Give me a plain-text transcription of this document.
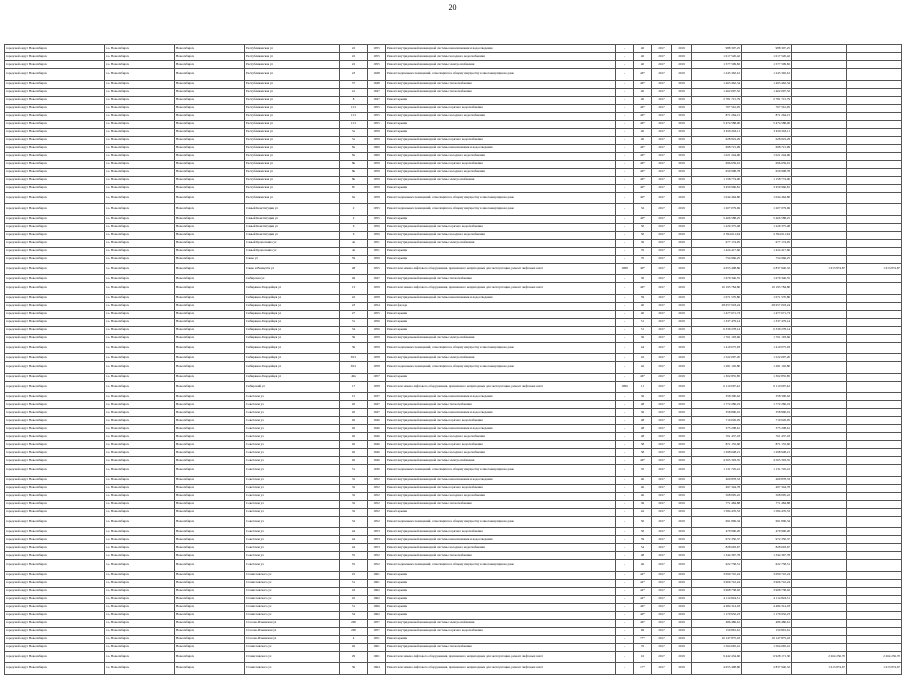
20
городской округ Новосибирск	г.о. Новосибирск	Новосибирск	Республиканская ул	22	1955	Ремонт внутридомовой инженерной системы канализования и водоотведения	-	40	2017	2019	988 307,25	988 307,25		
городской округ Новосибирск	г.о. Новосибирск	Новосибирск	Республиканская ул	22	1955	Ремонт внутридомовой инженерной системы холодного водоснабжения	-	40	2017	2019	1 017 520,42	1 017 520,42		
городской округ Новосибирск	г.о. Новосибирск	Новосибирск	Республиканская ул	22	1955	Ремонт внутридомовой инженерной системы электроснабжения	-	40	2017	2019	1 577 599,82	1 577 599,82		
городской округ Новосибирск	г.о. Новосибирск	Новосибирск	Республиканская ул	23	1948	Ремонт подвальных помещений, относящихся к общему имуществу в многоквартирном доме	-	46*	2017	2019	1 245 392,61	1 245 392,61		
городской округ Новосибирск	г.о. Новосибирск	Новосибирск	Республиканская ул	37	1948	Ремонт внутридомовой инженерной системы теплоснабжения	-	46*	2017	2019	1 463 462,34	1 463 462,34		
городской округ Новосибирск	г.о. Новосибирск	Новосибирск	Республиканская ул	41	1947	Ремонт внутридомовой инженерной системы теплоснабжения	-	40	2017	2019	1 462 097,52	1 462 097,52		
городской округ Новосибирск	г.о. Новосибирск	Новосибирск	Республиканская ул	8	1947	Ремонт крыши	-	40	2017	2019	2 781 715,79	2 781 715,79		
городской округ Новосибирск	г.о. Новосибирск	Новосибирск	Республиканская ул	11/1	1955	Ремонт внутридомовой инженерной системы горячего водоснабжения	-	46*	2017	2019	707 561,95	707 561,95		
городской округ Новосибирск	г.о. Новосибирск	Новосибирск	Республиканская ул	11/1	1955	Ремонт внутридомовой инженерной системы холодного водоснабжения	-	46*	2017	2019	871 264,15	871 264,15		
городской округ Новосибирск	г.о. Новосибирск	Новосибирск	Республиканская ул	11/1	1955	Ремонт крыши	-	46*	2017	2019	5 474 588,00	5 474 588,00		
городской округ Новосибирск	г.о. Новосибирск	Новосибирск	Республиканская ул	5а	1959	Ремонт крыши	-	40	2017	2019	3 459 263,11	3 459 263,11		
городской округ Новосибирск	г.о. Новосибирск	Новосибирск	Республиканская ул	5а	1959	Ремонт внутридомовой инженерной системы горячего водоснабжения	-	40	2017	2019	628 919,29	628 919,29		
городской округ Новосибирск	г.о. Новосибирск	Новосибирск	Республиканская ул	8а	1960	Ремонт внутридомовой инженерной системы канализования и водоотведения	-	46*	2017	2019	698 721,99	698 721,99		
городской округ Новосибирск	г.о. Новосибирск	Новосибирск	Республиканская ул	8а	1960	Ремонт внутридомовой инженерной системы холодного водоснабжения	-	46*	2017	2019	1 021 244,96	1 021 244,96		
городской округ Новосибирск	г.о. Новосибирск	Новосибирск	Республиканская ул	8в	1959	Ремонт внутридомовой инженерной системы горячего водоснабжения	-	46*	2017	2019	696 659,91	696 659,91		
городской округ Новосибирск	г.о. Новосибирск	Новосибирск	Республиканская ул	8в	1959	Ремонт внутридомовой инженерной системы холодного водоснабжения	-	46*	2017	2019	659 998,78	659 998,78		
городской округ Новосибирск	г.о. Новосибирск	Новосибирск	Республиканская ул	8в	1959	Ремонт внутридомовой инженерной системы электроснабжения	-	46*	2017	2019	1 158 774,00	1 158 774,00		
городской округ Новосибирск	г.о. Новосибирск	Новосибирск	Республиканская ул	8г	1959	Ремонт крыши	-	40*	2017	2019	3 459 966,81	3 459 966,81		
городской округ Новосибирск	г.о. Новосибирск	Новосибирск	Республиканская ул	9а	1959	Ремонт подвальных помещений, относящихся к общему имуществу в многоквартирном доме	-	40*	2017	2019	1 044 464,80	1 044 464,80		
городской округ Новосибирск	г.о. Новосибирск	Новосибирск	Самый Конституции ул	2	1955	Ремонт подвальных помещений, относящихся к общему имуществу в многоквартирном доме	-	32	2017	2019	1 207 079,69	1 207 079,69		
городской округ Новосибирск	г.о. Новосибирск	Новосибирск	Самый Конституции ул	2	1955	Ремонт крыши	-	40*	2017	2019	5 406 588,25	5 406 588,25		
городской округ Новосибирск	г.о. Новосибирск	Новосибирск	Самый Конституции ул	6	1956	Ремонт внутридомовой инженерной системы горячего водоснабжения	-	50	2017	2019	1 229 375,48	1 229 375,48		
городской округ Новосибирск	г.о. Новосибирск	Новосибирск	Самый Конституции ул	6	1956	Ремонт внутридомовой инженерной системы холодного водоснабжения	-	50	2017	2019	2 394 611,94	2 394 611,94		
городской округ Новосибирск	г.о. Новосибирск	Новосибирск	Самый Кропоткина ул	4а	1951	Ремонт внутридомовой инженерной системы электроснабжения	-	36	2017	2019	677 174,95	677 174,95		
городской округ Новосибирск	г.о. Новосибирск	Новосибирск	Самый Кропоткина ул	4а	1951	Ремонт крыши	-	76	2017	2019	1 424 417,66	1 424 417,66		
городской округ Новосибирск	г.о. Новосибирск	Новосибирск	Сакко ул	59	1959	Ремонт крыши	-	70	2017	2019	754 966,25	754 966,25		
городской округ Новосибирск	г.о. Новосибирск	Новосибирск	Сакко и Ванцетти ул	48	1955	Ремонт или замена лифтового оборудования, признанного непригодным для эксплуатации, ремонт лифтовых шахт	1998	40*	2017	2019	4 655 498,86	2 837 940,32	1 913 874,87	1 913 874,87
городской округ Новосибирск	г.о. Новосибирск	Новосибирск	Сибирская ул	49	1947	Ремонт внутридомовой инженерной системы теплоснабжения	-	30	2017	2019	1 679 346,55	1 679 346,55		
городской округ Новосибирск	г.о. Новосибирск	Новосибирск	Сибиряков-Гвардейцев ул	13	1959	Ремонт или замена лифтового оборудования, признанного непригодным для эксплуатации, ремонт лифтовых шахт	-	46*	2017	2019	10 195 784,80	10 195 784,80		
городской округ Новосибирск	г.о. Новосибирск	Новосибирск	Сибиряков-Гвардейцев ул	22	1958	Ремонт внутридомовой инженерной системы канализования и водоотведения	-	59	2017	2019	1 071 570,80	1 071 570,80		
городской округ Новосибирск	г.о. Новосибирск	Новосибирск	Сибиряков-Гвардейцев ул	23	1954	Ремонт фасада	-	40	2017	2019	28 657 018,24	28 657 018,24		
городской округ Новосибирск	г.о. Новосибирск	Новосибирск	Сибиряков-Гвардейцев ул	27	1955	Ремонт крыши	-	40	2017	2019	1 477 671,73	1 477 671,73		
городской округ Новосибирск	г.о. Новосибирск	Новосибирск	Сибиряков-Гвардейцев ул	31	1956	Ремонт крыши	-	51	2017	2019	1 337 479,14	1 337 479,14		
городской округ Новосибирск	г.о. Новосибирск	Новосибирск	Сибиряков-Гвардейцев ул	34	1956	Ремонт крыши	-	51	2017	2019	6 339 278,14	6 339 278,14		
городской округ Новосибирск	г.о. Новосибирск	Новосибирск	Сибиряков-Гвардейцев ул	36	1959	Ремонт внутридомовой инженерной системы электроснабжения	-	36	2017	2019	1 761 193,66	1 761 193,66		
городской округ Новосибирск	г.о. Новосибирск	Новосибирск	Сибиряков-Гвардейцев ул	36	1959	Ремонт подвальных помещений, относящихся к общему имуществу в многоквартирном доме	-	44	2017	2019	1 419 075,93	1 419 075,93		
городской округ Новосибирск	г.о. Новосибирск	Новосибирск	Сибиряков-Гвардейцев ул	39/1	1958	Ремонт внутридомовой инженерной системы электроснабжения	-	42	2017	2019	1 522 097,20	1 522 097,20		
городской округ Новосибирск	г.о. Новосибирск	Новосибирск	Сибиряков-Гвардейцев ул	39/1	1958	Ремонт подвальных помещений, относящихся к общему имуществу в многоквартирном доме	-	42	2017	2019	1 281 102,80	1 281 102,80		
городской округ Новосибирск	г.о. Новосибирск	Новосибирск	Сибиряков-Гвардейцев ул	49а	1957	Ремонт крыши	-	46*	2017	2019	1 302 855,85	1 302 855,85		
городской округ Новосибирск	г.о. Новосибирск	Новосибирск	Сибирский ул	17	1958	Ремонт или замена лифтового оборудования, признанного непригодным для эксплуатации, ремонт лифтовых шахт	1990	11	2017	2019	6 110 097,42	6 110 097,42		
городской округ Новосибирск	г.о. Новосибирск	Новосибирск	Советская ул	15	1937	Ремонт внутридомовой инженерной системы канализования и водоотведения	-	36	2017	2019	358 300,62	358 300,62		
городской округ Новосибирск	г.о. Новосибирск	Новосибирск	Советская ул	20	1947	Ремонт внутридомовой инженерной системы теплоснабжения	-	48	2017	2019	1 772 286,19	1 772 286,19		
городской округ Новосибирск	г.о. Новосибирск	Новосибирск	Советская ул	20	1947	Ремонт внутридомовой инженерной системы канализования и водоотведения	-	36	2017	2019	358 896,01	358 896,01		
городской округ Новосибирск	г.о. Новосибирск	Новосибирск	Советская ул	26	1946	Ремонт внутридомовой инженерной системы горячего водоснабжения	-	48	2017	2019	719 026,05	719 026,05		
городской округ Новосибирск	г.о. Новосибирск	Новосибирск	Советская ул	26	1946	Ремонт внутридомовой инженерной системы канализования и водоотведения	-	48	2017	2019	375 208,61	375 208,61		
городской округ Новосибирск	г.о. Новосибирск	Новосибирск	Советская ул	26	1946	Ремонт внутридомовой инженерной системы холодного водоснабжения	-	48	2017	2019	761 437,18	761 437,18		
городской округ Новосибирск	г.о. Новосибирск	Новосибирск	Советская ул	26	1946	Ремонт внутридомовой инженерной системы горячего водоснабжения	-	38	2017	2019	871 155,60	871 155,60		
городской округ Новосибирск	г.о. Новосибирск	Новосибирск	Советская ул	26	1946	Ремонт внутридомовой инженерной системы холодного водоснабжения	-	38	2017	2019	1 298 648,21	1 298 648,21		
городской округ Новосибирск	г.о. Новосибирск	Новосибирск	Советская ул	26	1946	Ремонт внутридомовой инженерной системы электроснабжения	-	46*	2017	2019	4 565 303,35	4 565 303,35		
городской округ Новосибирск	г.о. Новосибирск	Новосибирск	Советская ул	31	1936	Ремонт подвальных помещений, относящихся к общему имуществу в многоквартирном доме	-	35	2017	2019	1 131 745,41	1 131 745,41		
городской округ Новосибирск	г.о. Новосибирск	Новосибирск	Советская ул	32	1952	Ремонт внутридомовой инженерной системы канализования и водоотведения	-	46	2017	2019	469 878,33	469 878,33		
городской округ Новосибирск	г.о. Новосибирск	Новосибирск	Советская ул	32	1952	Ремонт внутридомовой инженерной системы горячего водоснабжения	-	46	2017	2019	497 344,78	497 344,78		
городской округ Новосибирск	г.о. Новосибирск	Новосибирск	Советская ул	32	1952	Ремонт внутридомовой инженерной системы холодного водоснабжения	-	46	2017	2019	568 095,22	568 095,22		
городской округ Новосибирск	г.о. Новосибирск	Новосибирск	Советская ул	32	1952	Ремонт внутридомовой инженерной системы теплоснабжения	-	36	2017	2019	771 484,88	771 484,88		
городской округ Новосибирск	г.о. Новосибирск	Новосибирск	Советская ул	32	1952	Ремонт крыши	-	42	2017	2019	1 584 476,53	1 584 476,53		
городской округ Новосибирск	г.о. Новосибирск	Новосибирск	Советская ул	32	1952	Ремонт подвальных помещений, относящихся к общему имуществу в многоквартирном доме	-	50	2017	2019	691 806,34	691 806,34		
городской округ Новосибирск	г.о. Новосибирск	Новосибирск	Советская ул	44	1953	Ремонт внутридомовой инженерной системы горячего водоснабжения	-	50	2017	2019	479 990,20	479 990,20		
городской округ Новосибирск	г.о. Новосибирск	Новосибирск	Советская ул	44	1953	Ремонт внутридомовой инженерной системы канализования и водоотведения	-	59	2017	2019	972 350,37	972 350,37		
городской округ Новосибирск	г.о. Новосибирск	Новосибирск	Советская ул	44	1953	Ремонт внутридомовой инженерной системы холодного водоснабжения	-	54	2017	2019	828 693,67	828 693,67		
городской округ Новосибирск	г.о. Новосибирск	Новосибирск	Советская ул	55	1952	Ремонт внутридомовой инженерной системы теплоснабжения	-	48	2017	2019	1 344 367,78	1 344 367,78		
городской округ Новосибирск	г.о. Новосибирск	Новосибирск	Советская ул	55	1952	Ремонт подвальных помещений, относящихся к общему имуществу в многоквартирном доме	-	46	2017	2019	622 758,51	622 758,51		
городской округ Новосибирск	г.о. Новосибирск	Новосибирск	Станиславского ул	25	1961	Ремонт крыши	-	42*	2017	2019	3 090 710,24	3 090 710,24		
городской округ Новосибирск	г.о. Новосибирск	Новосибирск	Станиславского ул	31	1961	Ремонт крыши	-	42*	2017	2019	3 966 716,24	3 966 716,24		
городской округ Новосибирск	г.о. Новосибирск	Новосибирск	Станиславского ул	43	1962	Ремонт крыши	-	42*	2017	2019	3 968 738,02	3 968 738,02		
городской округ Новосибирск	г.о. Новосибирск	Новосибирск	Станиславского ул	45	1962	Ремонт крыши	-	42*	2017	2019	4 114 824,31	4 114 824,31		
городской округ Новосибирск	г.о. Новосибирск	Новосибирск	Станиславского ул	51	1966	Ремонт крыши	-	46*	2017	2019	4 484 314,18	4 484 314,18		
городской округ Новосибирск	г.о. Новосибирск	Новосибирск	Станиславского ул	54	1962	Ремонт крыши	-	40*	2017	2019	1 179 932,23	1 179 932,23		
городской округ Новосибирск	г.о. Новосибирск	Новосибирск	Стасова-Ильинская ул	200	1957	Ремонт внутридомовой инженерной системы электроснабжения	-	46*	2017	2019	486 486,61	486 486,61		
городской округ Новосибирск	г.о. Новосибирск	Новосибирск	Стасова-Ильинская ул	200	1957	Ремонт внутридомовой инженерной системы горячего водоснабжения	-	69	2017	2019	150 891,61	150 891,61		
городской округ Новосибирск	г.о. Новосибирск	Новосибирск	Стасова-Ильинская ул	4	1951	Ремонт крыши	-	77*	2017	2019	10 147 875,43	10 147 875,43		
городской округ Новосибирск	г.о. Новосибирск	Новосибирск	Станиславского ул	26	1961	Ремонт внутридомовой инженерной системы теплоснабжения	-	76	2017	2019	1 564 665,41	1 564 665,41		
городской округ Новосибирск	г.о. Новосибирск	Новосибирск	Станиславского ул	29	1961	Ремонт или замена лифтового оборудования, признанного непригодным для эксплуатации, ремонт лифтовых шахт	-	16	2017	2019	9 442 434,60	6 928 171,30	2 264 256,70	2 264 256,70
городской округ Новосибирск	г.о. Новосибирск	Новосибирск	Станиславского ул	36	1964	Ремонт или замена лифтового оборудования, признанного непригодным для эксплуатации, ремонт лифтовых шахт	-	17*	2017	2019	4 655 498,86	2 837 940,32	1 613 874,67	1 613 874,67
